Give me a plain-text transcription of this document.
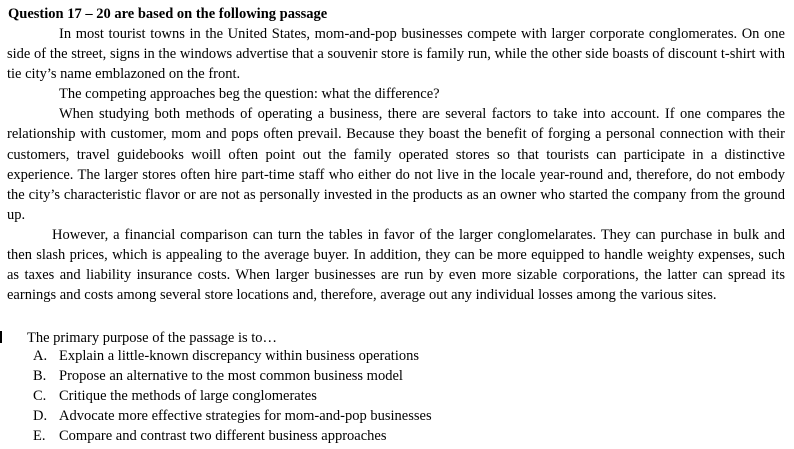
Question 17 – 20 are based on the following passage

In most tourist towns in the United States, mom-and-pop businesses compete with larger corporate conglomerates. On one side of the street, signs in the windows advertise that a souvenir store is family run, while the other side boasts of discount t-shirt with tie city’s name emblazoned on the front.

The competing approaches beg the question: what the difference?

When studying both methods of operating a business, there are several factors to take into account. If one compares the relationship with customer, mom and pops often prevail. Because they boast the benefit of forging a personal connection with their customers, travel guidebooks woill often point out the family operated stores so that tourists can participate in a distinctive experience. The larger stores often hire part-time staff who either do not live in the locale year-round and, therefore, do not embody the city’s characteristic flavor or are not as personally invested in the products as an owner who started the company from the ground up.

However, a financial comparison can turn the tables in favor of the larger conglomelarates. They can purchase in bulk and then slash prices, which is appealing to the average buyer. In addition, they can be more equipped to handle weighty expenses, such as taxes and liability insurance costs. When larger businesses are run by even more sizable corporations, the latter can spread its earnings and costs among several store locations and, therefore, average out any individual losses among the various sites.

The primary purpose of the passage is to…
A. Explain a little-known discrepancy within business operations
B. Propose an alternative to the most common business model
C. Critique the methods of large conglomerates
D. Advocate more effective strategies for mom-and-pop businesses
E. Compare and contrast two different business approaches
